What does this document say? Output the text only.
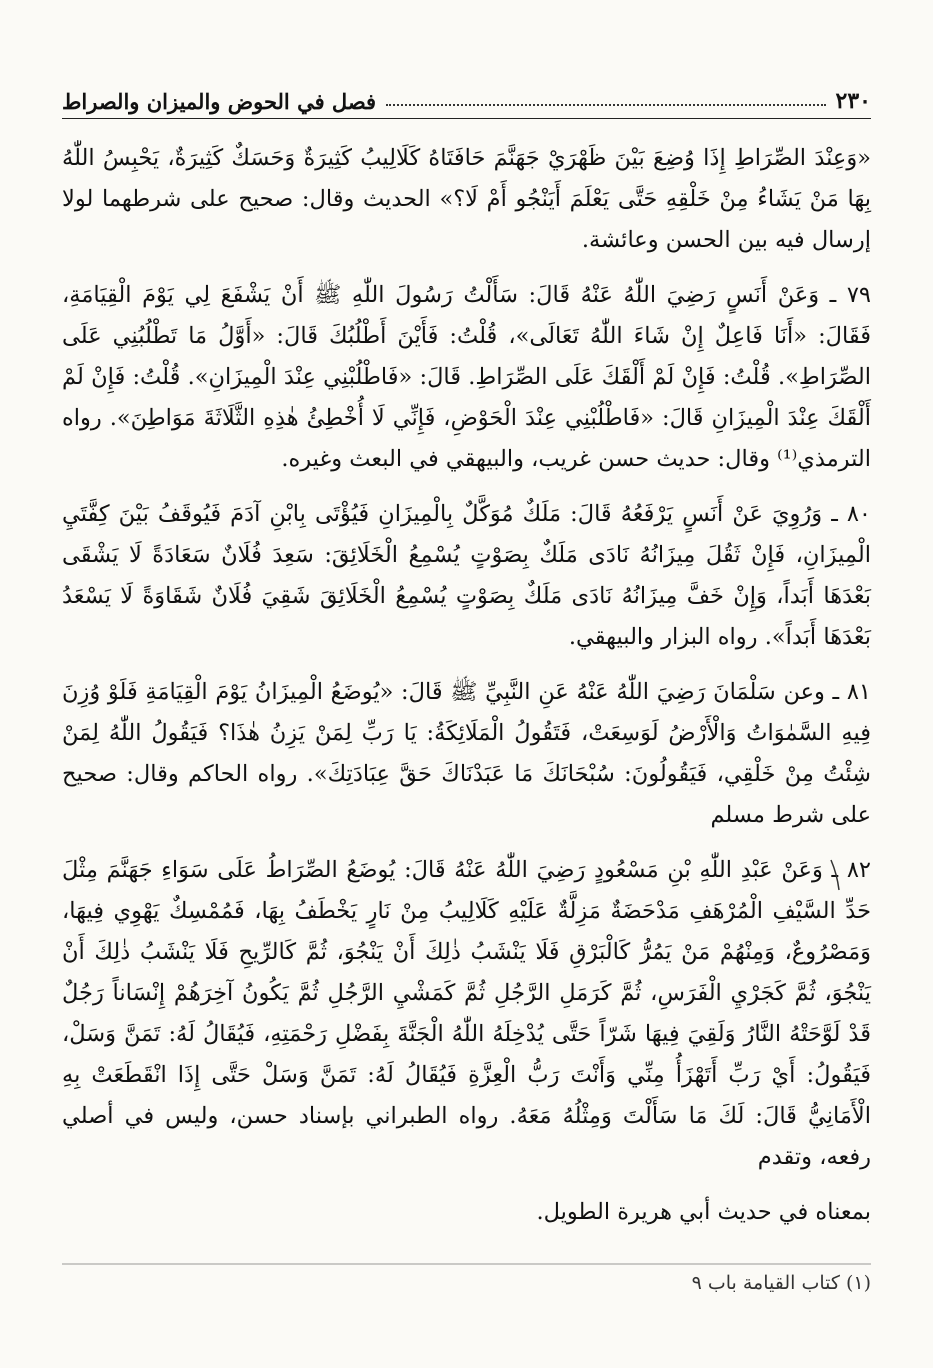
٢٣٠
فصل في الحوض والميزان والصراط

«وَعِنْدَ الصِّرَاطِ إِذَا وُضِعَ بَيْنَ ظَهْرَيْ جَهَنَّمَ حَافَتَاهُ كَلَالِيبُ كَثِيرَةٌ وَحَسَكٌ كَثِيرَةٌ، يَحْبِسُ اللّٰهُ بِهَا مَنْ يَشَاءُ مِنْ خَلْقِهِ حَتَّى يَعْلَمَ أَيَنْجُو أَمْ لَا؟» الحديث وقال: صحيح على شرطهما لولا إرسال فيه بين الحسن وعائشة.

٧٩ ـ وَعَنْ أَنَسٍ رَضِيَ اللّٰهُ عَنْهُ قَالَ: سَأَلْتُ رَسُولَ اللّٰهِ ﷺ أَنْ يَشْفَعَ لِي يَوْمَ الْقِيَامَةِ، فَقَالَ: «أَنَا فَاعِلٌ إِنْ شَاءَ اللّٰهُ تَعَالَى»، قُلْتُ: فَأَيْنَ أَطْلُبُكَ قَالَ: «أَوَّلُ مَا تَطْلُبُنِي عَلَى الصِّرَاطِ». قُلْتُ: فَإِنْ لَمْ أَلْقَكَ عَلَى الصِّرَاطِ. قَالَ: «فَاطْلُبْنِي عِنْدَ الْمِيزَانِ». قُلْتُ: فَإِنْ لَمْ أَلْقَكَ عِنْدَ الْمِيزَانِ قَالَ: «فَاطْلُبْنِي عِنْدَ الْحَوْضِ، فَإِنِّي لَا أُخْطِئُ هٰذِهِ الثَّلَاثَةَ مَوَاطِنَ». رواه الترمذي⁽¹⁾ وقال: حديث حسن غريب، والبيهقي في البعث وغيره.

٨٠ ـ وَرُوِيَ عَنْ أَنَسٍ يَرْفَعُهُ قَالَ: مَلَكٌ مُوَكَّلٌ بِالْمِيزَانِ فَيُؤْتَى بِابْنِ آدَمَ فَيُوقَفُ بَيْنَ كِفَّتَيِ الْمِيزَانِ، فَإِنْ ثَقُلَ مِيزَانُهُ نَادَى مَلَكٌ بِصَوْتٍ يُسْمِعُ الْخَلَائِقَ: سَعِدَ فُلَانٌ سَعَادَةً لَا يَشْقَى بَعْدَهَا أَبَداً، وَإِنْ خَفَّ مِيزَانُهُ نَادَى مَلَكٌ بِصَوْتٍ يُسْمِعُ الْخَلَائِقَ شَقِيَ فُلَانٌ شَقَاوَةً لَا يَسْعَدُ بَعْدَهَا أَبَداً». رواه البزار والبيهقي.

٨١ ـ وعن سَلْمَانَ رَضِيَ اللّٰهُ عَنْهُ عَنِ النَّبِيِّ ﷺ قَالَ: «يُوضَعُ الْمِيزَانُ يَوْمَ الْقِيَامَةِ فَلَوْ وُزِنَ فِيهِ السَّمٰوَاتُ وَالْأَرْضُ لَوَسِعَتْ، فَتَقُولُ الْمَلَائِكَةُ: يَا رَبِّ لِمَنْ يَزِنُ هٰذَا؟ فَيَقُولُ اللّٰهُ لِمَنْ شِئْتُ مِنْ خَلْقِي، فَيَقُولُونَ: سُبْحَانَكَ مَا عَبَدْنَاكَ حَقَّ عِبَادَتِكَ». رواه الحاكم وقال: صحيح على شرط مسلم

٨٢ ـ وَعَنْ عَبْدِ اللّٰهِ بْنِ مَسْعُودٍ رَضِيَ اللّٰهُ عَنْهُ قَالَ: يُوضَعُ الصِّرَاطُ عَلَى سَوَاءِ جَهَنَّمَ مِثْلَ حَدِّ السَّيْفِ الْمُرْهَفِ مَدْحَضَةٌ مَزِلَّةٌ عَلَيْهِ كَلَالِيبُ مِنْ نَارٍ يَخْطَفُ بِهَا، فَمُمْسِكٌ يَهْوِي فِيهَا، وَمَصْرُوعٌ، وَمِنْهُمْ مَنْ يَمُرُّ كَالْبَرْقِ فَلَا يَنْشَبُ ذٰلِكَ أَنْ يَنْجُوَ، ثُمَّ كَالرِّيحِ فَلَا يَنْشَبُ ذٰلِكَ أَنْ يَنْجُوَ، ثُمَّ كَجَرْيِ الْفَرَسِ، ثُمَّ كَرَمَلِ الرَّجُلِ ثُمَّ كَمَشْيِ الرَّجُلِ ثُمَّ يَكُونُ آخِرَهُمْ إِنْسَاناً رَجُلٌ قَدْ لَوَّحَتْهُ النَّارُ وَلَقِيَ فِيهَا شَرّاً حَتَّى يُدْخِلَهُ اللّٰهُ الْجَنَّةَ بِفَضْلِ رَحْمَتِهِ، فَيُقَالُ لَهُ: تَمَنَّ وَسَلْ، فَيَقُولُ: أَيْ رَبِّ أَتَهْزَأُ مِنِّي وَأَنْتَ رَبُّ الْعِزَّةِ فَيُقَالُ لَهُ: تَمَنَّ وَسَلْ حَتَّى إِذَا انْقَطَعَتْ بِهِ الْأَمَانِيُّ قَالَ: لَكَ مَا سَأَلْتَ وَمِثْلُهُ مَعَهُ. رواه الطبراني بإسناد حسن، وليس في أصلي رفعه، وتقدم

بمعناه في حديث أبي هريرة الطويل.

(١) كتاب القيامة باب ٩
